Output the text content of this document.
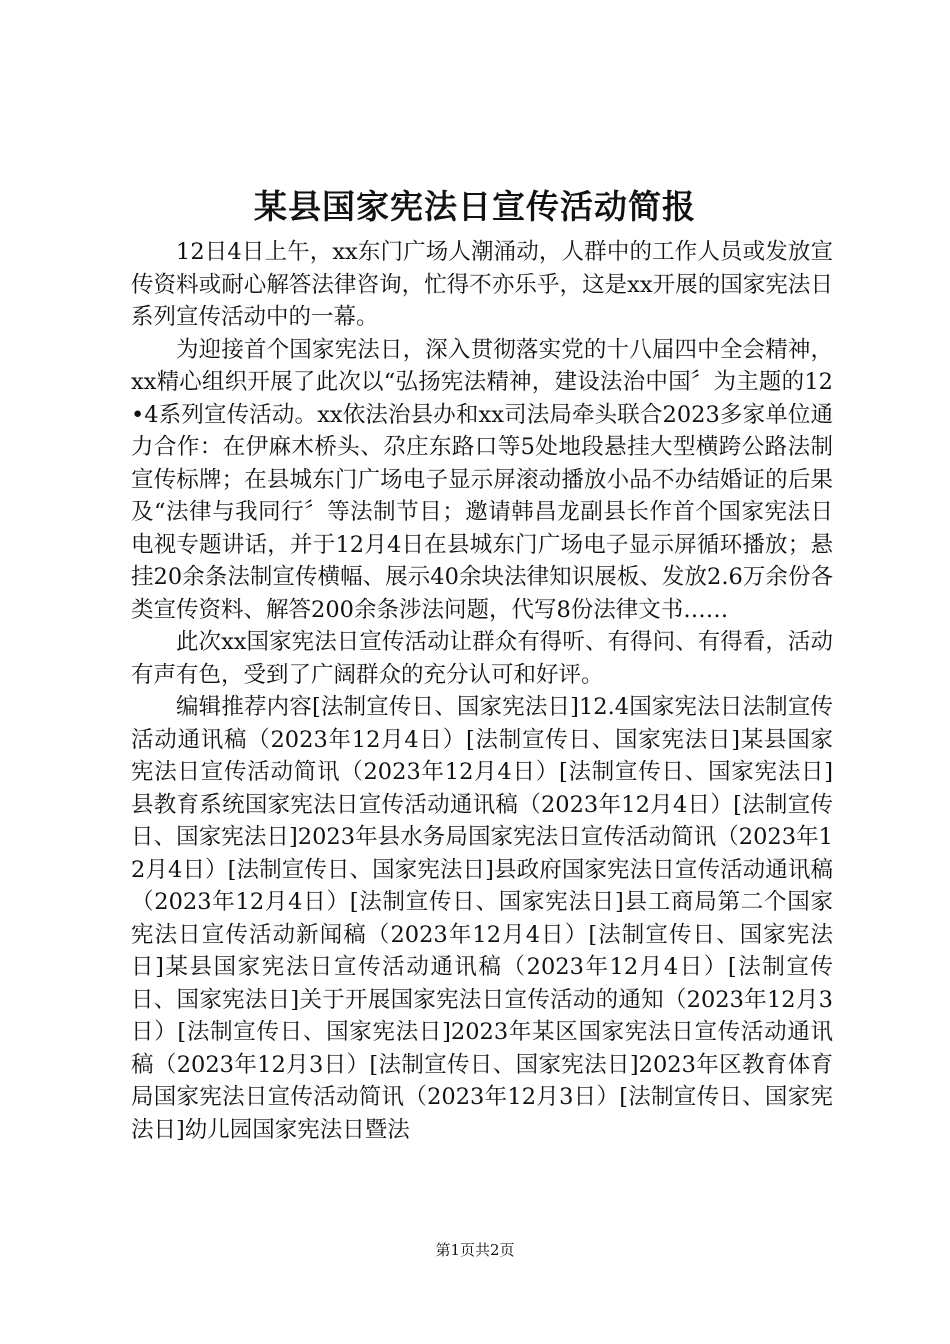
某县国家宪法日宣传活动简报

12日4日上午，xx东门广场人潮涌动，人群中的工作人员或发放宣传资料或耐心解答法律咨询，忙得不亦乐乎，这是xx开展的国家宪法日系列宣传活动中的一幕。

为迎接首个国家宪法日，深入贯彻落实党的十八届四中全会精神，xx精心组织开展了此次以“弘扬宪法精神，建设法治中国〞为主题的12•4系列宣传活动。xx依法治县办和xx司法局牵头联合2023多家单位通力合作：在伊麻木桥头、尕庄东路口等5处地段悬挂大型横跨公路法制宣传标牌；在县城东门广场电子显示屏滚动播放小品不办结婚证的后果及“法律与我同行〞等法制节目；邀请韩昌龙副县长作首个国家宪法日电视专题讲话，并于12月4日在县城东门广场电子显示屏循环播放；悬挂20余条法制宣传横幅、展示40余块法律知识展板、发放2.6万余份各类宣传资料、解答200余条涉法问题，代写8份法律文书……

此次xx国家宪法日宣传活动让群众有得听、有得问、有得看，活动有声有色，受到了广阔群众的充分认可和好评。

编辑推荐内容[法制宣传日、国家宪法日]12.4国家宪法日法制宣传活动通讯稿（2023年12月4日）[法制宣传日、国家宪法日]某县国家宪法日宣传活动简讯（2023年12月4日）[法制宣传日、国家宪法日]县教育系统国家宪法日宣传活动通讯稿（2023年12月4日）[法制宣传日、国家宪法日]2023年县水务局国家宪法日宣传活动简讯（2023年12月4日）[法制宣传日、国家宪法日]县政府国家宪法日宣传活动通讯稿（2023年12月4日）[法制宣传日、国家宪法日]县工商局第二个国家宪法日宣传活动新闻稿（2023年12月4日）[法制宣传日、国家宪法日]某县国家宪法日宣传活动通讯稿（2023年12月4日）[法制宣传日、国家宪法日]关于开展国家宪法日宣传活动的通知（2023年12月3日）[法制宣传日、国家宪法日]2023年某区国家宪法日宣传活动通讯稿（2023年12月3日）[法制宣传日、国家宪法日]2023年区教育体育局国家宪法日宣传活动简讯（2023年12月3日）[法制宣传日、国家宪法日]幼儿园国家宪法日暨法

第1页共2页
